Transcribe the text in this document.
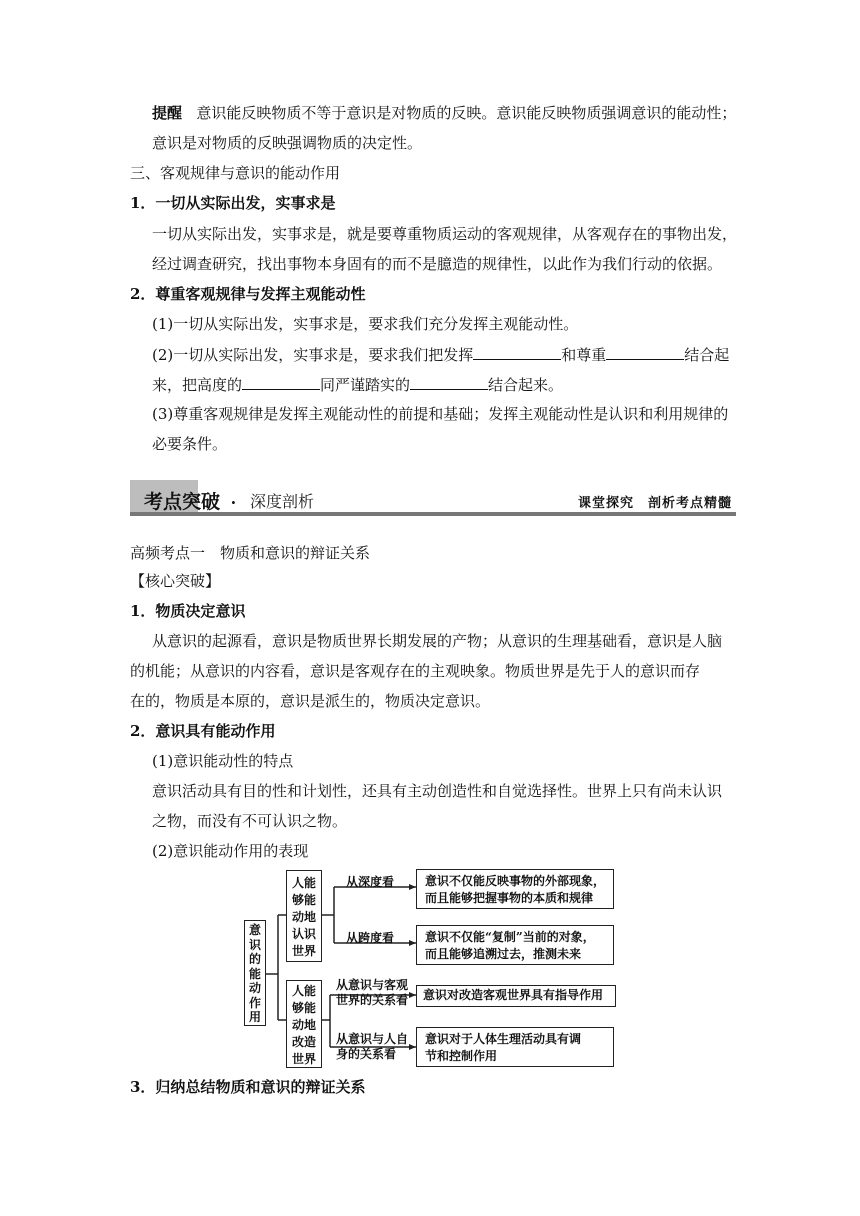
提醒 意识能反映物质不等于意识是对物质的反映。意识能反映物质强调意识的能动性；
意识是对物质的反映强调物质的决定性。
三、客观规律与意识的能动作用
1．一切从实际出发，实事求是
一切从实际出发，实事求是，就是要尊重物质运动的客观规律，从客观存在的事物出发，
经过调查研究，找出事物本身固有的而不是臆造的规律性，以此作为我们行动的依据。
2．尊重客观规律与发挥主观能动性
(1)一切从实际出发，实事求是，要求我们充分发挥主观能动性。
(2)一切从实际出发，实事求是，要求我们把发挥	和尊重	结合起
来，把高度的	同严谨踏实的	结合起来。
(3)尊重客观规律是发挥主观能动性的前提和基础；发挥主观能动性是认识和利用规律的
必要条件。
考点突破 · 深度剖析	课堂探究　剖析考点精髓
高频考点一　物质和意识的辩证关系
【核心突破】
1．物质决定意识
从意识的起源看，意识是物质世界长期发展的产物；从意识的生理基础看，意识是人脑
的机能；从意识的内容看，意识是客观存在的主观映象。物质世界是先于人的意识而存
在的，物质是本原的，意识是派生的，物质决定意识。
2．意识具有能动作用
(1)意识能动性的特点
意识活动具有目的性和计划性，还具有主动创造性和自觉选择性。世界上只有尚未认识
之物，而没有不可认识之物。
(2)意识能动作用的表现
意
识
的
能
动
作
用
人能
够能
动地
认识
世界
人能
够能
动地
改造
世界
从深度看
从跨度看
从意识与客观
世界的关系看
从意识与人自
身的关系看
意识不仅能反映事物的外部现象，
而且能够把握事物的本质和规律
意识不仅能“复制”当前的对象，
而且能够追溯过去，推测未来
意识对改造客观世界具有指导作用
意识对于人体生理活动具有调
节和控制作用
3．归纳总结物质和意识的辩证关系
